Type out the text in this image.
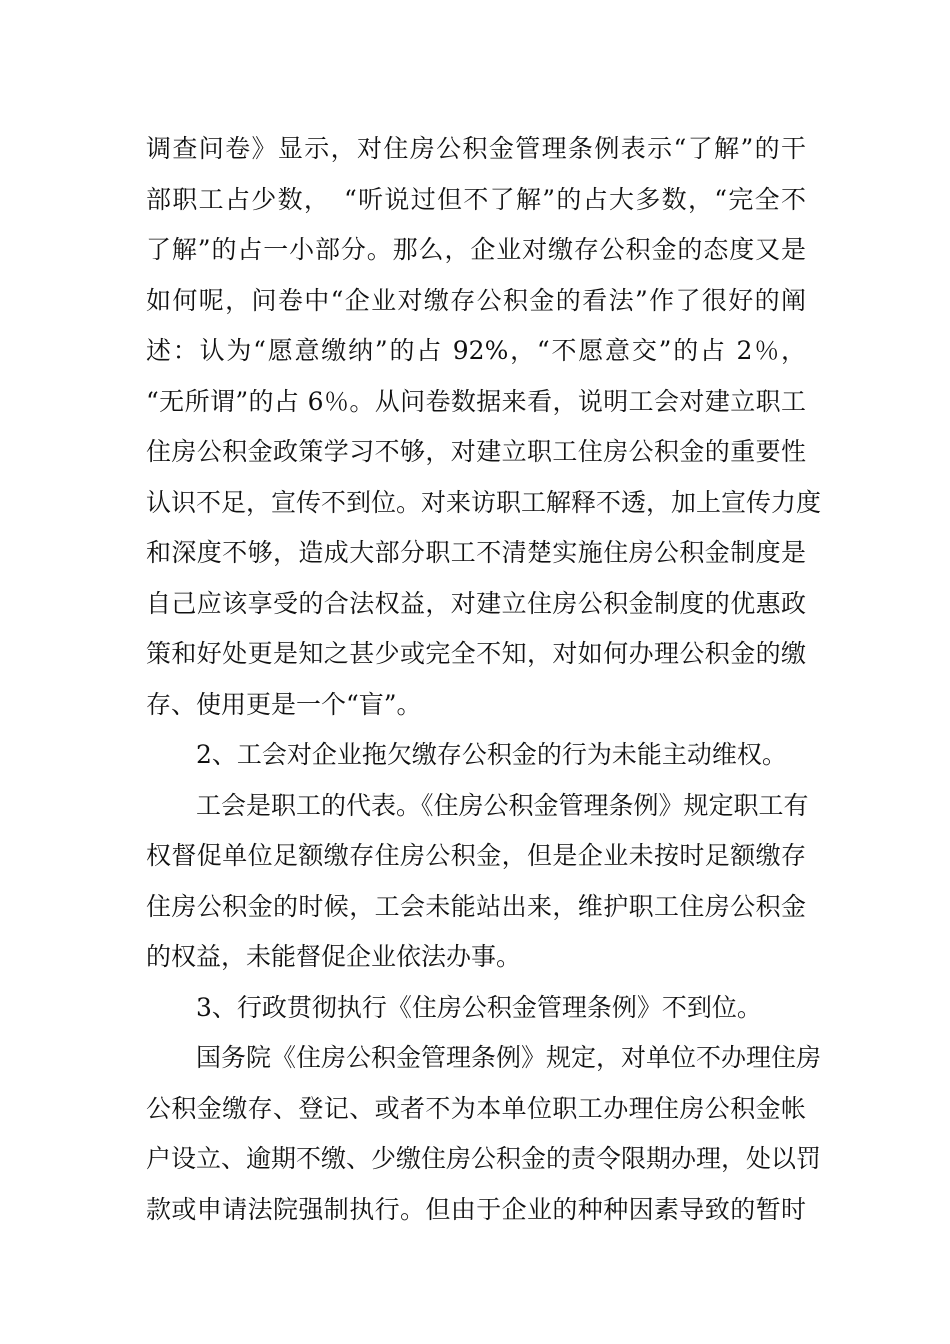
调查问卷》显示，对住房公积金管理条例表示“了解”的干
部职工占少数，　“听说过但不了解”的占大多数，“完全不
了解”的占一小部分。那么，企业对缴存公积金的态度又是
如何呢，问卷中“企业对缴存公积金的看法”作了很好的阐
述：认为“愿意缴纳”的占 92%，“不愿意交”的占 2％，
“无所谓”的占 6％。从问卷数据来看，说明工会对建立职工
住房公积金政策学习不够，对建立职工住房公积金的重要性
认识不足，宣传不到位。对来访职工解释不透，加上宣传力度
和深度不够，造成大部分职工不清楚实施住房公积金制度是
自己应该享受的合法权益，对建立住房公积金制度的优惠政
策和好处更是知之甚少或完全不知，对如何办理公积金的缴
存、使用更是一个“盲”。
2、工会对企业拖欠缴存公积金的行为未能主动维权。
工会是职工的代表。《住房公积金管理条例》规定职工有
权督促单位足额缴存住房公积金，但是企业未按时足额缴存
住房公积金的时候，工会未能站出来，维护职工住房公积金
的权益，未能督促企业依法办事。
3、行政贯彻执行《住房公积金管理条例》不到位。
国务院《住房公积金管理条例》规定，对单位不办理住房
公积金缴存、登记、或者不为本单位职工办理住房公积金帐
户设立、逾期不缴、少缴住房公积金的责令限期办理，处以罚
款或申请法院强制执行。但由于企业的种种因素导致的暂时
